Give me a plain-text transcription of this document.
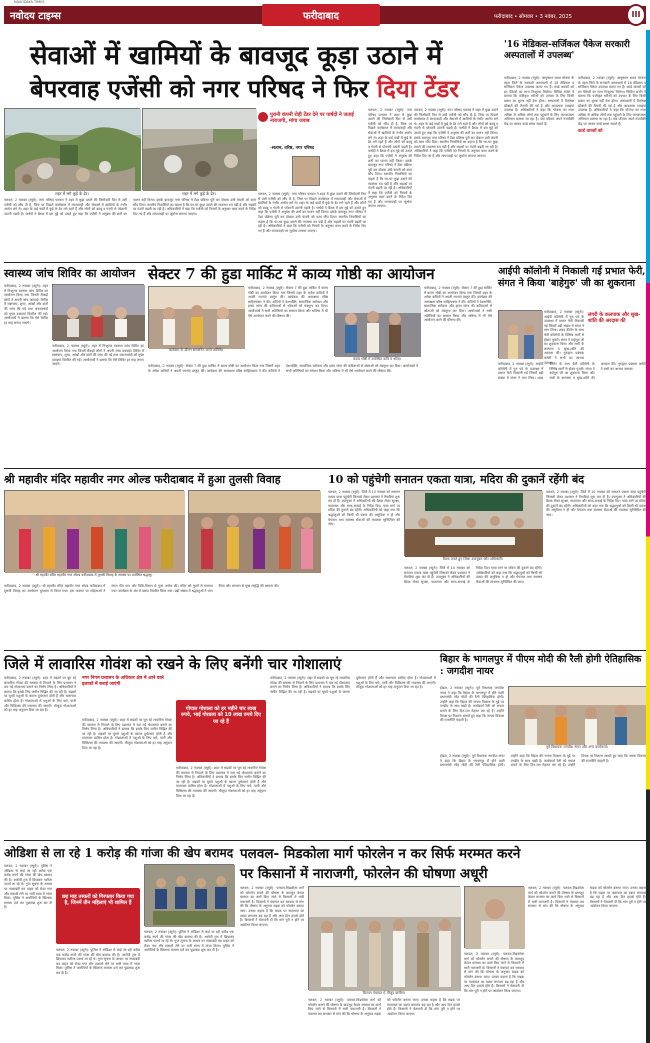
नवोदय टाइम्स
NAVODAYA TIMES
फरीदाबाद	फरीदाबाद • सोमवार • 3 नवंबर, 2025	III
सेवाओं में खामियों के बावजूद कूड़ा उठाने में
बेपरवाह एजेंसी को नगर परिषद ने फिर दिया टेंडर
शहर में लगे कूड़े के ढेर।	शहर में लगे कूड़े के ढेर।
पुरानी कंपनी रोही टेंडर देने पर पार्षदों ने जताई नाराजगी, मांगा जवाब
-सत्यम, वरिष्ठ, नगर परिषद
पलवल, 2 नवम्बर (ब्यूरो): नगर परिषद पलवल ने शहर में कूड़ा उठाने की जिम्मेदारी फिर से उसी एजेंसी को सौंप दी है, जिस पर पिछले कार्यकाल में लापरवाही और सेवाओं में खामियों के गंभीर आरोप लगे थे। शहर के कई वार्डों में कूड़े के ढेर लगे रहते हैं और लोगों को बदबू व गंदगी से परेशानी उठानी पड़ती है। पार्षदों ने बैठक में इस मुद्दे को उठाते हुए कहा कि एजेंसी ने अनुबंध की शर्तों का पालन नहीं किया। इसके बावजूद नगर परिषद ने टेंडर प्रक्रिया पूरी कर दोबारा उसी कंपनी को काम सौंप दिया। स्थानीय निवासियों का कहना है कि घर-घर कूड़ा उठाने की व्यवस्था ठप पड़ी है और सड़कों पर गंदगी बढ़ती जा रही है। अधिकारियों ने कहा कि एजेंसी को नियमों के अनुसार काम करने के निर्देश दिए गए हैं और लापरवाही पर जुर्माना लगाया जाएगा।
पलवल, 2 नवम्बर (ब्यूरो): नगर परिषद पलवल ने शहर में कूड़ा उठाने की जिम्मेदारी फिर से उसी एजेंसी को सौंप दी है, जिस पर पिछले कार्यकाल में लापरवाही और सेवाओं में खामियों के गंभीर आरोप लगे थे। शहर के कई वार्डों में कूड़े के ढेर लगे रहते हैं और लोगों को बदबू व गंदगी से परेशानी उठानी पड़ती है। पार्षदों ने बैठक में इस मुद्दे को उठाते हुए कहा कि एजेंसी ने अनुबंध की शर्तों का पालन नहीं किया। इसके बावजूद नगर परिषद ने टेंडर प्रक्रिया पूरी कर दोबारा उसी कंपनी को काम सौंप दिया। स्थानीय निवासियों का कहना है कि घर-घर कूड़ा उठाने की व्यवस्था ठप पड़ी है और सड़कों पर गंदगी बढ़ती जा रही है। अधिकारियों ने कहा कि एजेंसी को नियमों के अनुसार काम करने के निर्देश दिए गए हैं और लापरवाही पर जुर्माना लगाया जाएगा।
पलवल, 2 नवम्बर (ब्यूरो): नगर परिषद पलवल ने शहर में कूड़ा उठाने की जिम्मेदारी फिर से उसी एजेंसी को सौंप दी है, जिस पर पिछले कार्यकाल में लापरवाही और सेवाओं में खामियों के गंभीर आरोप लगे थे। शहर के कई वार्डों में कूड़े के ढेर लगे रहते हैं और लोगों को बदबू व गंदगी से परेशानी उठानी पड़ती है। पार्षदों ने बैठक में इस मुद्दे को उठाते हुए कहा कि एजेंसी ने अनुबंध की शर्तों का पालन नहीं किया। इसके बावजूद नगर परिषद ने टेंडर प्रक्रिया पूरी कर दोबारा उसी कंपनी को काम सौंप दिया। स्थानीय निवासियों का कहना है कि घर-घर कूड़ा उठाने की व्यवस्था ठप पड़ी है और सड़कों पर गंदगी बढ़ती जा रही है। अधिकारियों ने कहा कि एजेंसी को नियमों के अनुसार काम करने के निर्देश दिए गए हैं और लापरवाही पर जुर्माना लगाया जाएगा।
पलवल, 2 नवम्बर (ब्यूरो): नगर परिषद पलवल ने शहर में कूड़ा उठाने की जिम्मेदारी फिर से उसी एजेंसी को सौंप दी है, जिस पर पिछले कार्यकाल में लापरवाही और सेवाओं में खामियों के गंभीर आरोप लगे थे। शहर के कई वार्डों में कूड़े के ढेर लगे रहते हैं और लोगों को बदबू व गंदगी से परेशानी उठानी पड़ती है। पार्षदों ने बैठक में इस मुद्दे को उठाते हुए कहा कि एजेंसी ने अनुबंध की शर्तों का पालन नहीं किया। इसके बावजूद नगर परिषद ने टेंडर प्रक्रिया पूरी कर दोबारा उसी कंपनी को काम सौंप दिया। स्थानीय निवासियों का कहना है कि घर-घर कूड़ा उठाने की व्यवस्था ठप पड़ी है और सड़कों पर गंदगी बढ़ती जा रही है। अधिकारियों ने कहा कि एजेंसी को नियमों के अनुसार काम करने के निर्देश दिए गए हैं और लापरवाही पर जुर्माना लगाया जाएगा।
'16 मेडिकल-सर्जिकल पैकेज सरकारी अस्पतालों में उपलब्ध'
फरीदाबाद, 2 नवम्बर (ब्यूरो): आयुष्मान भारत योजना के तहत जिले के सरकारी अस्पतालों में 16 मेडिकल व सर्जिकल पैकेज उपलब्ध कराए गए हैं। कार्ड धारकों को इन पैकेजों का लाभ निःशुल्क मिलेगा। सिविल सर्जन ने बताया कि पंजीकृत मरीजों को उपचार के लिए किसी प्रकार का शुल्क नहीं देना होगा। अस्पतालों में विशेषज्ञ डॉक्टरों की तैनाती की गई है और आवश्यक दवाइयां उपलब्ध हैं। अधिकारियों ने कहा कि योजना का लाभ अधिक से अधिक लोगों तक पहुंचाने के लिए जागरूकता अभियान चलाया जा रहा है। पात्र परिवार अपने नजदीकी केंद्र पर जाकर कार्ड बनवा सकते हैं।
फरीदाबाद, 2 नवम्बर (ब्यूरो): आयुष्मान भारत योजना के तहत जिले के सरकारी अस्पतालों में 16 मेडिकल व सर्जिकल पैकेज उपलब्ध कराए गए हैं। कार्ड धारकों को इन पैकेजों का लाभ निःशुल्क मिलेगा। सिविल सर्जन ने बताया कि पंजीकृत मरीजों को उपचार के लिए किसी प्रकार का शुल्क नहीं देना होगा। अस्पतालों में विशेषज्ञ डॉक्टरों की तैनाती की गई है और आवश्यक दवाइयां उपलब्ध हैं। अधिकारियों ने कहा कि योजना का लाभ अधिक से अधिक लोगों तक पहुंचाने के लिए जागरूकता अभियान चलाया जा रहा है। पात्र परिवार अपने नजदीकी केंद्र पर जाकर कार्ड बनवा सकते हैं।
कार्ड धारकों को
स्वास्थ्य जांच शिविर का आयोजन
फरीदाबाद, 2 नवम्बर (ब्यूरो): शहर में निःशुल्क स्वास्थ्य जांच शिविर का आयोजन किया गया जिसमें सैकड़ों लोगों ने अपनी जांच करवाई। शिविर में रक्तचाप, शुगर, आंखों और दांतों की जांच की गई तथा जरूरतमंदों को मुफ्त दवाइयां वितरित की गईं। आयोजकों ने बताया कि ऐसे शिविर हर माह लगाए जाएंगे।
फरीदाबाद, 2 नवम्बर (ब्यूरो): शहर में निःशुल्क स्वास्थ्य जांच शिविर का आयोजन किया गया जिसमें सैकड़ों लोगों ने अपनी जांच करवाई। शिविर में रक्तचाप, शुगर, आंखों और दांतों की जांच की गई तथा जरूरतमंदों को मुफ्त दवाइयां वितरित की गईं। आयोजकों ने बताया कि ऐसे शिविर हर माह लगाए जाएंगे।
सेक्टर 7 की हुडा मार्किट में काव्य गोष्ठी का आयोजन
कार्यक्रम के दौरान सम्मानित करते अतिथि।
फरीदाबाद, 2 नवम्बर (ब्यूरो): सेक्टर 7 की हुडा मार्किट में काव्य गोष्ठी का आयोजन किया गया जिसमें शहर के अनेक कवियों ने अपनी रचनाएं प्रस्तुत कीं। कार्यक्रम की अध्यक्षता वरिष्ठ साहित्यकार ने की। कवियों ने देशभक्ति, सामाजिक सरोकार और हास्य व्यंग्य की कविताओं से श्रोताओं को मंत्रमुग्ध कर दिया। आयोजकों ने सभी अतिथियों का सम्मान किया और भविष्य में भी ऐसे आयोजन करने की घोषणा की।
काव्य गोष्ठी में उपस्थित कवि व श्रोता।
फरीदाबाद, 2 नवम्बर (ब्यूरो): सेक्टर 7 की हुडा मार्किट में काव्य गोष्ठी का आयोजन किया गया जिसमें शहर के अनेक कवियों ने अपनी रचनाएं प्रस्तुत कीं। कार्यक्रम की अध्यक्षता वरिष्ठ साहित्यकार ने की। कवियों ने देशभक्ति, सामाजिक सरोकार और हास्य व्यंग्य की कविताओं से श्रोताओं को मंत्रमुग्ध कर दिया। आयोजकों ने सभी अतिथियों का सम्मान किया और भविष्य में भी ऐसे आयोजन करने की घोषणा की।
फरीदाबाद, 2 नवम्बर (ब्यूरो): सेक्टर 7 की हुडा मार्किट में काव्य गोष्ठी का आयोजन किया गया जिसमें शहर के अनेक कवियों ने अपनी रचनाएं प्रस्तुत कीं। कार्यक्रम की अध्यक्षता वरिष्ठ साहित्यकार ने की। कवियों ने देशभक्ति, सामाजिक सरोकार और हास्य व्यंग्य की कविताओं से श्रोताओं को मंत्रमुग्ध कर दिया। आयोजकों ने सभी अतिथियों का सम्मान किया और भविष्य में भी ऐसे आयोजन करने की घोषणा की।
आईपी कॉलोनी में निकाली गई प्रभात फेरी, संगत ने किया 'बाहेगुरु' जी का शुकराना
फरीदाबाद, 2 नवम्बर (ब्यूरो): आईपी कॉलोनी में गुरु पर्व के उपलक्ष्य में प्रभात फेरी निकाली गई जिसमें बड़ी संख्या में संगत ने भाग लिया। शबद कीर्तन के साथ फेरी कॉलोनी के विभिन्न मार्गों से होकर गुजरी। संगत ने वाहेगुरु जी का शुकराना किया और सभी के कल्याण व सुख-शांति की अरदास की। गुरुद्वारा प्रबंधक कमेटी ने सभी का आभार जताया।
लंगरी के कलपाक और सुख-शांति की अरदास की
फरीदाबाद, 2 नवम्बर (ब्यूरो): आईपी कॉलोनी में गुरु पर्व के उपलक्ष्य में प्रभात फेरी निकाली गई जिसमें बड़ी संख्या में संगत ने भाग लिया। शबद कीर्तन के साथ फेरी कॉलोनी के विभिन्न मार्गों से होकर गुजरी। संगत ने वाहेगुरु जी का शुकराना किया और सभी के कल्याण व सुख-शांति की अरदास की। गुरुद्वारा प्रबंधक कमेटी ने सभी का आभार जताया।
श्री महावीर मंदिर महावीर नगर ओल्ड फरीदाबाद में हुआ तुलसी विवाह
श्री महावीर मंदिर महावीर नगर ओल्ड फरीदाबाद में तुलसी विवाह के अवसर पर उपस्थित श्रद्धालु।
फरीदाबाद, 2 नवम्बर (ब्यूरो): श्री महावीर मंदिर महावीर नगर ओल्ड फरीदाबाद में तुलसी विवाह का आयोजन धूमधाम से किया गया। इस अवसर पर महिलाओं ने मंगल गीत गाए और विधि-विधान से पूजा अर्चना की। मंदिर को फूलों से सजाया गया। कार्यक्रम के अंत में प्रसाद वितरित किया गया। बड़ी संख्या में श्रद्धालुओं ने भाग लिया और भगवान से सुख समृद्धि की कामना की।
10 को पहुंचेगी सनातन एकता यात्रा, मदिरा की दुकानें रहेंगी बंद
पलवल, 2 नवम्बर (ब्यूरो): जिले में 10 नवम्बर को सनातन एकता यात्रा पहुंचेगी जिसको लेकर प्रशासन ने तैयारियां शुरू कर दी हैं। उपायुक्त ने अधिकारियों की बैठक लेकर सुरक्षा, यातायात और साफ-सफाई के निर्देश दिए। यात्रा मार्ग पर मदिरा की दुकानें बंद रहेंगी। अधिकारियों को कहा गया कि श्रद्धालुओं को किसी भी प्रकार की असुविधा न हो और पेयजल तथा स्वास्थ्य सेवाओं की व्यवस्था सुनिश्चित की जाए।
बैठक करते हुए जिला उपायुक्त और अधिकारी।
पलवल, 2 नवम्बर (ब्यूरो): जिले में 10 नवम्बर को सनातन एकता यात्रा पहुंचेगी जिसको लेकर प्रशासन ने तैयारियां शुरू कर दी हैं। उपायुक्त ने अधिकारियों की बैठक लेकर सुरक्षा, यातायात और साफ-सफाई के निर्देश दिए। यात्रा मार्ग पर मदिरा की दुकानें बंद रहेंगी। अधिकारियों को कहा गया कि श्रद्धालुओं को किसी भी प्रकार की असुविधा न हो और पेयजल तथा स्वास्थ्य सेवाओं की व्यवस्था सुनिश्चित की जाए।
पलवल, 2 नवम्बर (ब्यूरो): जिले में 10 नवम्बर को सनातन एकता यात्रा पहुंचेगी जिसको लेकर प्रशासन ने तैयारियां शुरू कर दी हैं। उपायुक्त ने अधिकारियों की बैठक लेकर सुरक्षा, यातायात और साफ-सफाई के निर्देश दिए। यात्रा मार्ग पर मदिरा की दुकानें बंद रहेंगी। अधिकारियों को कहा गया कि श्रद्धालुओं को किसी भी प्रकार की असुविधा न हो और पेयजल तथा स्वास्थ्य सेवाओं की व्यवस्था सुनिश्चित की जाए।
जिले में लावारिस गोवंश को रखने के लिए बनेंगी चार गोशालाएं
फरीदाबाद, 2 नवम्बर (ब्यूरो): शहर में सड़कों पर घूम रहे लावारिस गोवंश की समस्या से निपटने के लिए प्रशासन ने चार नई गोशालाएं बनाने का निर्णय लिया है। अधिकारियों ने बताया कि इसके लिए जमीन चिह्नित की जा रही है। सड़कों पर घूमते पशुओं के कारण दुर्घटनाएं होती हैं और यातायात बाधित होता है। गोशालाओं में पशुओं के लिए चारे, पानी और चिकित्सा की व्यवस्था की जाएगी। मौजूदा गोशालाओं को हर माह अनुदान दिया जा रहा है।
नगर निगम प्रशासन के अधिकार क्षेत्र में आने वाले इलाकों में बनाई जाएंगी
फरीदाबाद, 2 नवम्बर (ब्यूरो): शहर में सड़कों पर घूम रहे लावारिस गोवंश की समस्या से निपटने के लिए प्रशासन ने चार नई गोशालाएं बनाने का निर्णय लिया है। अधिकारियों ने बताया कि इसके लिए जमीन चिह्नित की जा रही है। सड़कों पर घूमते पशुओं के कारण दुर्घटनाएं होती हैं और यातायात बाधित होता है। गोशालाओं में पशुओं के लिए चारे, पानी और चिकित्सा की व्यवस्था की जाएगी। मौजूदा गोशालाओं को हर माह अनुदान दिया जा रहा है।
गोपाल गोशाला को हर महीने चार लाख रुपये, भाई गोशाला को 10 लाख रुपये दिए जा रहे हैं
फरीदाबाद, 2 नवम्बर (ब्यूरो): शहर में सड़कों पर घूम रहे लावारिस गोवंश की समस्या से निपटने के लिए प्रशासन ने चार नई गोशालाएं बनाने का निर्णय लिया है। अधिकारियों ने बताया कि इसके लिए जमीन चिह्नित की जा रही है। सड़कों पर घूमते पशुओं के कारण दुर्घटनाएं होती हैं और यातायात बाधित होता है। गोशालाओं में पशुओं के लिए चारे, पानी और चिकित्सा की व्यवस्था की जाएगी। मौजूदा गोशालाओं को हर माह अनुदान दिया जा रहा है।
फरीदाबाद, 2 नवम्बर (ब्यूरो): शहर में सड़कों पर घूम रहे लावारिस गोवंश की समस्या से निपटने के लिए प्रशासन ने चार नई गोशालाएं बनाने का निर्णय लिया है। अधिकारियों ने बताया कि इसके लिए जमीन चिह्नित की जा रही है। सड़कों पर घूमते पशुओं के कारण दुर्घटनाएं होती हैं और यातायात बाधित होता है। गोशालाओं में पशुओं के लिए चारे, पानी और चिकित्सा की व्यवस्था की जाएगी। मौजूदा गोशालाओं को हर माह अनुदान दिया जा रहा है।
बिहार के भागलपुर में पीएम मोदी की रैली होगी ऐतिहासिक : जगदीश नायर
होडल, 2 नवम्बर (ब्यूरो): पूर्व विधायक जगदीश नायर ने कहा कि बिहार के भागलपुर में होने वाली प्रधानमंत्री नरेंद्र मोदी की रैली ऐतिहासिक होगी। उन्होंने कहा कि बिहार की जनता विकास के मुद्दे पर एनडीए के साथ खड़ी है। कार्यकर्ता रैली को सफल बनाने के लिए दिन-रात मेहनत कर रहे हैं। उन्होंने विपक्ष पर निशाना साधते हुए कहा कि जनता विकास की राजनीति चाहती है।
पूर्व विधायक जगदीश नायर और अन्य कार्यकर्ता।
होडल, 2 नवम्बर (ब्यूरो): पूर्व विधायक जगदीश नायर ने कहा कि बिहार के भागलपुर में होने वाली प्रधानमंत्री नरेंद्र मोदी की रैली ऐतिहासिक होगी। उन्होंने कहा कि बिहार की जनता विकास के मुद्दे पर एनडीए के साथ खड़ी है। कार्यकर्ता रैली को सफल बनाने के लिए दिन-रात मेहनत कर रहे हैं। उन्होंने विपक्ष पर निशाना साधते हुए कहा कि जनता विकास की राजनीति चाहती है।
ओडिशा से ला रहे 1 करोड़ की गांजा की खेप बरामद
पलवल, 2 नवम्बर (ब्यूरो): पुलिस ने ओडिशा से लाई जा रही करीब एक करोड़ रुपये की गांजा की खेप बरामद की है। आरोपी ट्रक में छिपाकर नशीला पदार्थ ला रहे थे। गुप्त सूचना के आधार पर नाकाबंदी कर वाहन को रोका गया और तलाशी लेने पर भारी मात्रा में गांजा मिला। पुलिस ने आरोपियों के खिलाफ मामला दर्ज कर पूछताछ शुरू कर दी है।
छह माह तस्करों को गिरफ्तार किया गया है, जिनमें तीन महिलाएं भी शामिल हैं
पलवल, 2 नवम्बर (ब्यूरो): पुलिस ने ओडिशा से लाई जा रही करीब एक करोड़ रुपये की गांजा की खेप बरामद की है। आरोपी ट्रक में छिपाकर नशीला पदार्थ ला रहे थे। गुप्त सूचना के आधार पर नाकाबंदी कर वाहन को रोका गया और तलाशी लेने पर भारी मात्रा में गांजा मिला। पुलिस ने आरोपियों के खिलाफ मामला दर्ज कर पूछताछ शुरू कर दी है।
पलवल, 2 नवम्बर (ब्यूरो): पुलिस ने ओडिशा से लाई जा रही करीब एक करोड़ रुपये की गांजा की खेप बरामद की है। आरोपी ट्रक में छिपाकर नशीला पदार्थ ला रहे थे। गुप्त सूचना के आधार पर नाकाबंदी कर वाहन को रोका गया और तलाशी लेने पर भारी मात्रा में गांजा मिला। पुलिस ने आरोपियों के खिलाफ मामला दर्ज कर पूछताछ शुरू कर दी है।
पलवल- मिडकोला मार्ग फोरलेन न कर सिर्फ मरम्मत करने
पर किसानों में नाराजगी, फोरलेन की घोषणा अधूरी
पलवल, 2 नवम्बर (ब्यूरो): पलवल-मिडकोला मार्ग को फोरलेन बनाने की घोषणा के बावजूद केवल मरम्मत का कार्य किए जाने से किसानों में भारी नाराजगी है। किसानों ने पंचायत कर सरकार से मांग की कि घोषणा के अनुसार सड़क को फोरलेन बनाया जाए। उनका कहना है कि सड़क पर यातायात का दबाव लगातार बढ़ रहा है और आए दिन हादसे होते हैं। किसानों ने चेतावनी दी कि मांग पूरी न होने पर आंदोलन किया जाएगा।
किसान पंचायत में मौजूद ग्रामीण।
पलवल, 2 नवम्बर (ब्यूरो): पलवल-मिडकोला मार्ग को फोरलेन बनाने की घोषणा के बावजूद केवल मरम्मत का कार्य किए जाने से किसानों में भारी नाराजगी है। किसानों ने पंचायत कर सरकार से मांग की कि घोषणा के अनुसार सड़क को फोरलेन बनाया जाए। उनका कहना है कि सड़क पर यातायात का दबाव लगातार बढ़ रहा है और आए दिन हादसे होते हैं। किसानों ने चेतावनी दी कि मांग पूरी न होने पर आंदोलन किया जाएगा।
पलवल, 2 नवम्बर (ब्यूरो): पलवल-मिडकोला मार्ग को फोरलेन बनाने की घोषणा के बावजूद केवल मरम्मत का कार्य किए जाने से किसानों में भारी नाराजगी है। किसानों ने पंचायत कर सरकार से मांग की कि घोषणा के अनुसार सड़क को फोरलेन बनाया जाए। उनका कहना है कि सड़क पर यातायात का दबाव लगातार बढ़ रहा है और आए दिन हादसे होते हैं। किसानों ने चेतावनी दी कि मांग पूरी न होने पर आंदोलन किया जाएगा।
पलवल, 2 नवम्बर (ब्यूरो): पलवल-मिडकोला मार्ग को फोरलेन बनाने की घोषणा के बावजूद केवल मरम्मत का कार्य किए जाने से किसानों में भारी नाराजगी है। किसानों ने पंचायत कर सरकार से मांग की कि घोषणा के अनुसार सड़क को फोरलेन बनाया जाए। उनका कहना है कि सड़क पर यातायात का दबाव लगातार बढ़ रहा है और आए दिन हादसे होते हैं। किसानों ने चेतावनी दी कि मांग पूरी न होने पर आंदोलन किया जाएगा।
